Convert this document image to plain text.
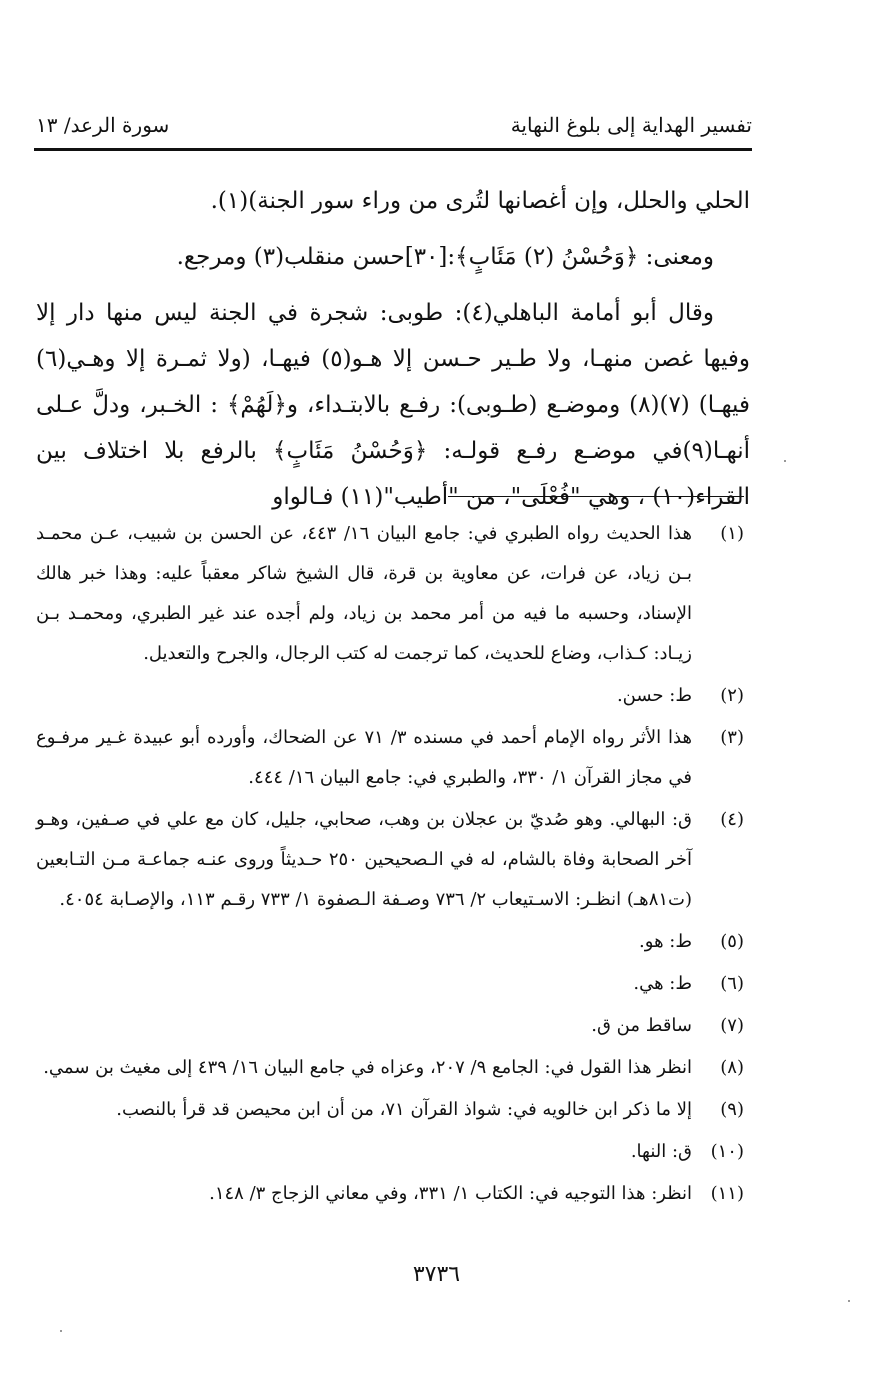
تفسير الهداية إلى بلوغ النهاية
سورة الرعد/ ١٣

الحلي والحلل، وإن أغصانها لتُرى من وراء سور الجنة)(١).

ومعنى: ﴿وَحُسْنُ (٢) مَئَابٍ﴾:[٣٠]حسن منقلب(٣) ومرجع.

وقال أبو أمامة الباهلي(٤): طوبى: شجرة في الجنة ليس منها دار إلا وفيها غصن منهـا، ولا طـير حـسن إلا هـو(٥) فيهـا، (ولا ثمـرة إلا وهـي(٦) فيهـا) (٧)(٨) وموضـع (طـوبى): رفـع بالابتـداء، و﴿لَهُمْ﴾ : الخـبر، ودلَّ عـلى أنهـا(٩)في موضـع رفـع قولـه: ﴿وَحُسْنُ مَئَابٍ﴾ بالرفع بلا اختلاف بين القراء(١٠) ، وهي "فُعْلَى"، من "أطيب"(١١) فـالواو

(١)
هذا الحديث رواه الطبري في: جامع البيان ١٦/ ٤٤٣، عن الحسن بن شبيب، عـن محمـد بـن زياد، عن فرات، عن معاوية بن قرة، قال الشيخ شاكر معقباً عليه: وهذا خبر هالك الإسناد، وحسبه ما فيه من أمر محمد بن زياد، ولم أجده عند غير الطبري، ومحمـد بـن زيـاد: كـذاب، وضاع للحديث، كما ترجمت له كتب الرجال، والجرح والتعديل.
(٢)
ط: حسن.
(٣)
هذا الأثر رواه الإمام أحمد في مسنده ٣/ ٧١ عن الضحاك، وأورده أبو عبيدة غـير مرفـوع في مجاز القرآن ١/ ٣٣٠، والطبري في: جامع البيان ١٦/ ٤٤٤.
(٤)
ق: البهالي. وهو صُديّ بن عجلان بن وهب، صحابي، جليل، كان مع علي في صـفين، وهـو آخر الصحابة وفاة بالشام، له في الـصحيحين ٢٥٠ حـديثاً وروى عنـه جماعـة مـن التـابعين (ت٨١هـ) انظـر: الاسـتيعاب ٢/ ٧٣٦ وصـفة الـصفوة ١/ ٧٣٣ رقـم ١١٣، والإصـابة ٤٠٥٤.
(٥)
ط: هو.
(٦)
ط: هي.
(٧)
ساقط من ق.
(٨)
انظر هذا القول في: الجامع ٩/ ٢٠٧، وعزاه في جامع البيان ١٦/ ٤٣٩ إلى مغيث بن سمي.
(٩)
إلا ما ذكر ابن خالويه في: شواذ القرآن ٧١، من أن ابن محيصن قد قرأ بالنصب.
(١٠)
ق: النها.
(١١)
انظر: هذا التوجيه في: الكتاب ١/ ٣٣١، وفي معاني الزجاج ٣/ ١٤٨.
٣٧٣٦
